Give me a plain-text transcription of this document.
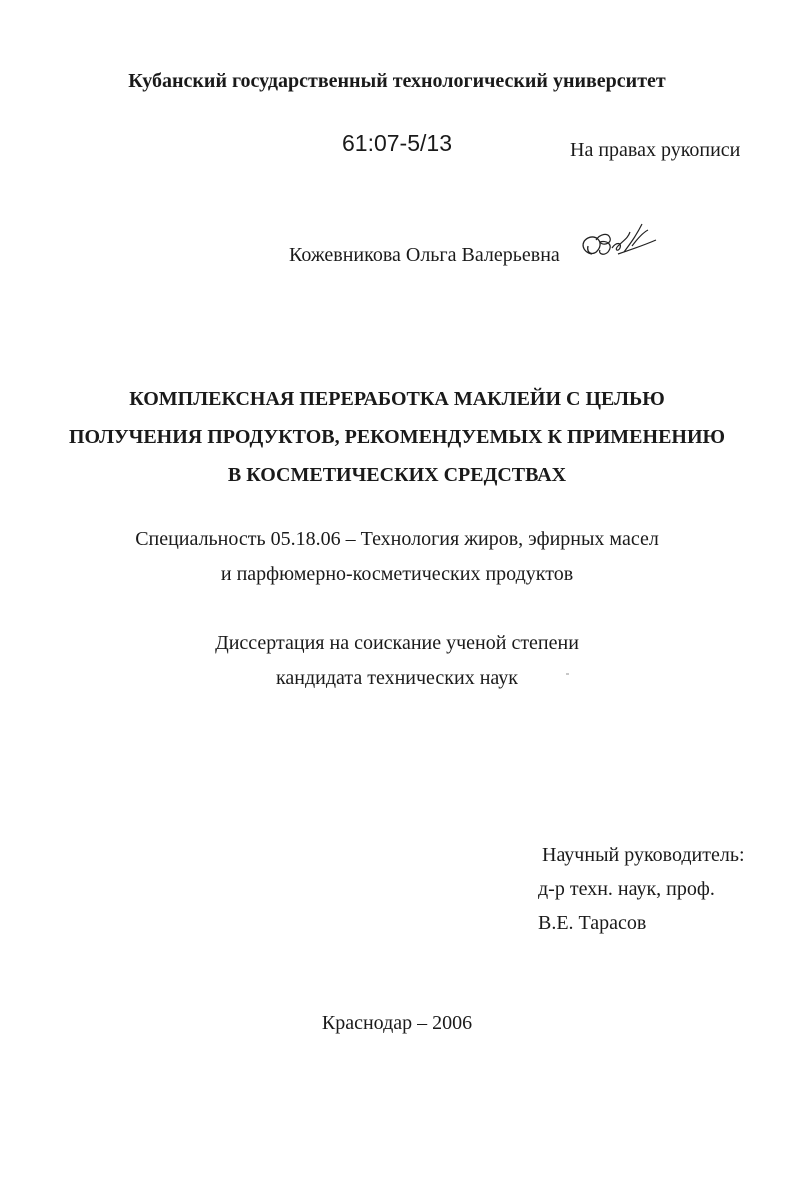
Кубанский государственный технологический университет
61:07-5/13	На правах рукописи
Кожевникова Ольга Валерьевна
КОМПЛЕКСНАЯ ПЕРЕРАБОТКА МАКЛЕЙИ С ЦЕЛЬЮ
ПОЛУЧЕНИЯ ПРОДУКТОВ, РЕКОМЕНДУЕМЫХ К ПРИМЕНЕНИЮ
В КОСМЕТИЧЕСКИХ СРЕДСТВАХ
Специальность 05.18.06 – Технология жиров, эфирных масел
и парфюмерно-косметических продуктов
Диссертация на соискание ученой степени
кандидата технических наук
Научный руководитель:
д-р техн. наук, проф.
В.Е. Тарасов
Краснодар – 2006
